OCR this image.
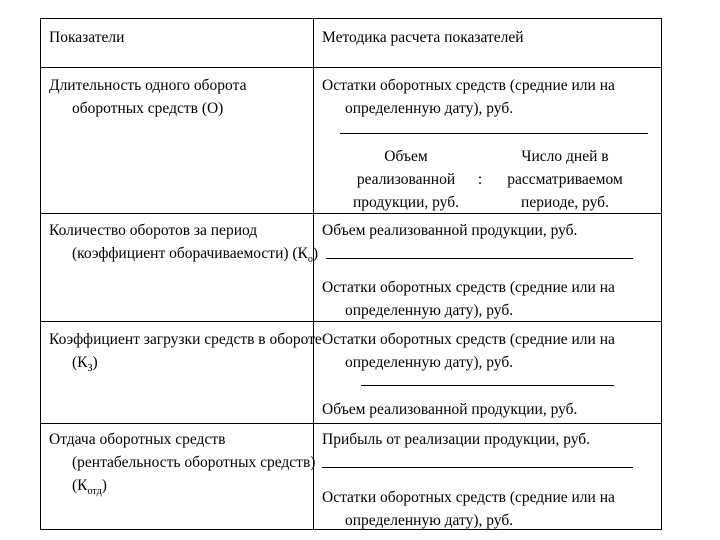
Показатели	Методика расчета показателей
Длительность одного оборота оборотных средств (О)
Остатки оборотных средств (средние или на определенную дату), руб.
Объем реализованной продукции, руб.
:
Число дней в рассматриваемом периоде, руб.
Количество оборотов за период (коэффициент оборачиваемости) $(К_о)$
Объем реализованной продукции, руб.
Остатки оборотных средств (средние или на определенную дату), руб.
Коэффициент загрузки средств в обороте $(К_З)$
Остатки оборотных средств (средние или на определенную дату), руб.
Объем реализованной продукции, руб.
Отдача оборотных средств (рентабельность оборотных средств) $(К_{отд})$
Прибыль от реализации продукции, руб.
Остатки оборотных средств (средние или на определенную дату), руб.
